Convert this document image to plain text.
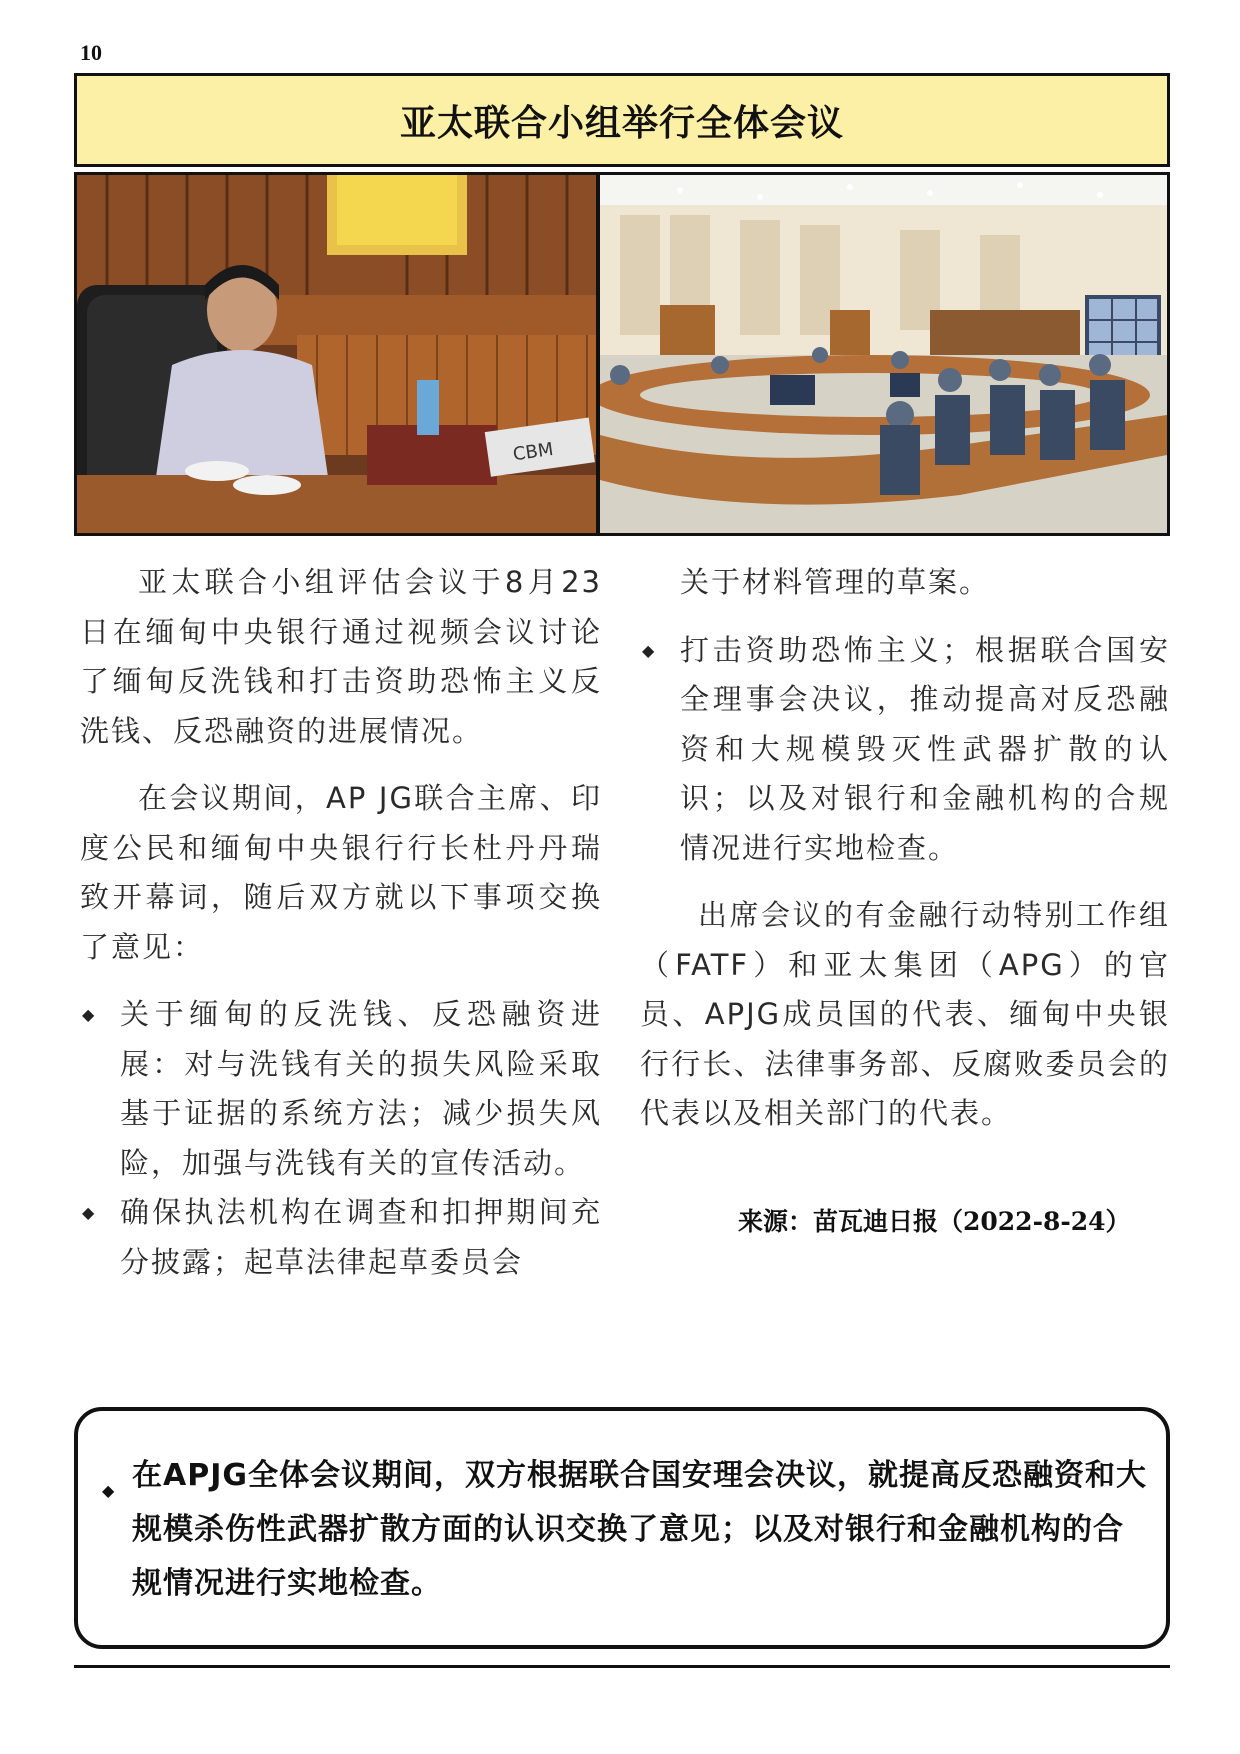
10
亚太联合小组举行全体会议
CBM

亚太联合小组评估会议于8月23日在缅甸中央银行通过视频会议讨论了缅甸反洗钱和打击资助恐怖主义反洗钱、反恐融资的进展情况。

在会议期间，AP JG联合主席、印度公民和缅甸中央银行行长杜丹丹瑞致开幕词，随后双方就以下事项交换了意见：

◆ 关于缅甸的反洗钱、反恐融资进展：对与洗钱有关的损失风险采取基于证据的系统方法；减少损失风险，加强与洗钱有关的宣传活动。
◆ 确保执法机构在调查和扣押期间充分披露；起草法律起草委员会

关于材料管理的草案。

◆ 打击资助恐怖主义；根据联合国安全理事会决议，推动提高对反恐融资和大规模毁灭性武器扩散的认识；以及对银行和金融机构的合规情况进行实地检查。

出席会议的有金融行动特别工作组（FATF）和亚太集团（APG）的官员、APJG成员国的代表、缅甸中央银行行长、法律事务部、反腐败委员会的代表以及相关部门的代表。

来源：苗瓦迪日报（2022-8-24）
◆ 在APJG全体会议期间，双方根据联合国安理会决议，就提高反恐融资和大规模杀伤性武器扩散方面的认识交换了意见；以及对银行和金融机构的合规情况进行实地检查。
